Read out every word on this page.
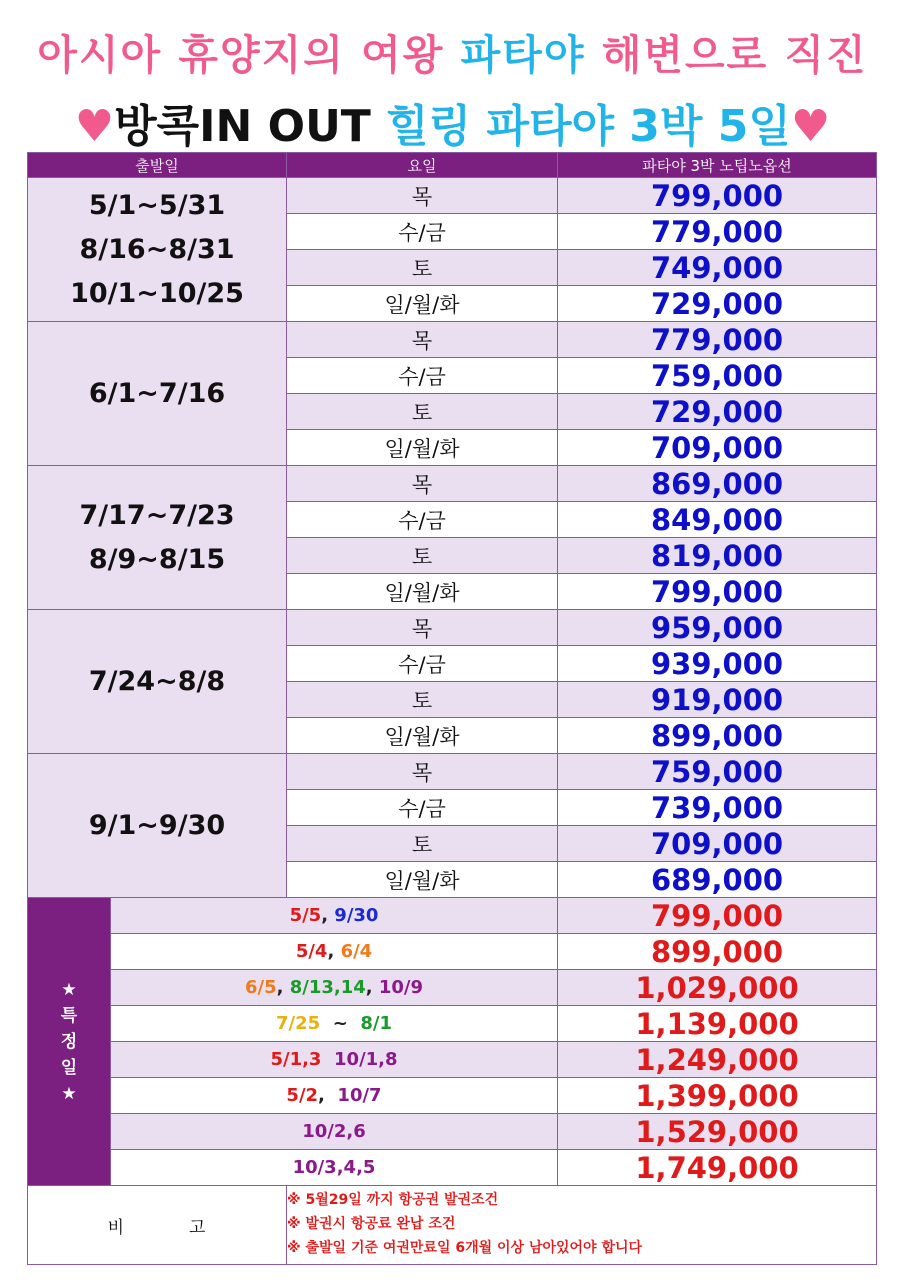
아시아 휴양지의 여왕 파타야 해변으로 직진
♥방콕IN OUT 힐링 파타야 3박 5일♥
출발일		요일	파타야 3박 노팁노옵션

5/1~5/31
8/16~8/31
10/1~10/25		목	799,000
		수/금	779,000
		토	749,000
		일/월/화	729,000

6/1~7/16		목	779,000
		수/금	759,000
		토	729,000
		일/월/화	709,000

7/17~7/23
8/9~8/15		목	869,000
		수/금	849,000
		토	819,000
		일/월/화	799,000

7/24~8/8		목	959,000
		수/금	939,000
		토	919,000
		일/월/화	899,000

9/1~9/30		목	759,000
		수/금	739,000
		토	709,000
		일/월/화	689,000

★
특
정
일
★	5/5, 9/30		799,000
	5/4, 6/4		899,000
	6/5, 8/13,14, 10/9		1,029,000
	7/25  ~  8/1		1,139,000
	5/1,3 10/1,8		1,249,000
	5/2,  10/7		1,399,000
	10/2,6		1,529,000
	10/3,4,5		1,749,000
비          고		※ 5월29일 까지 항공권 발권조건
※ 발권시 항공료 완납 조건
※ 출발일 기준 여권만료일 6개월 이상 남아있어야 합니다	
